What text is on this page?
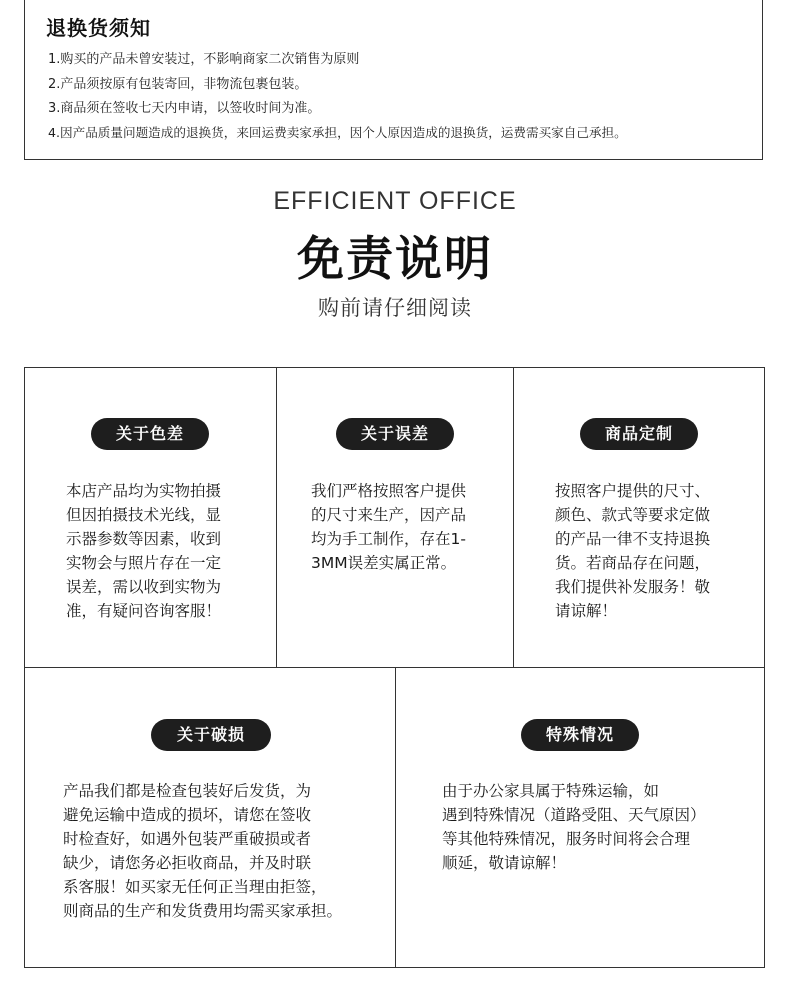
退换货须知
1.购买的产品未曾安装过，不影响商家二次销售为原则
2.产品须按原有包装寄回，非物流包裹包装。
3.商品须在签收七天内申请，以签收时间为准。
4.因产品质量问题造成的退换货，来回运费卖家承担，因个人原因造成的退换货，运费需买家自己承担。
EFFICIENT OFFICE
免责说明
购前请仔细阅读
关于色差
本店产品均为实物拍摄
但因拍摄技术光线，显
示器参数等因素，收到
实物会与照片存在一定
误差，需以收到实物为
准，有疑问咨询客服！
关于误差
我们严格按照客户提供
的尺寸来生产，因产品
均为手工制作，存在1-
3MM误差实属正常。
商品定制
按照客户提供的尺寸、
颜色、款式等要求定做
的产品一律不支持退换
货。若商品存在问题，
我们提供补发服务！敬
请谅解！
关于破损
产品我们都是检查包装好后发货，为
避免运输中造成的损坏，请您在签收
时检查好，如遇外包装严重破损或者
缺少，请您务必拒收商品，并及时联
系客服！如买家无任何正当理由拒签，
则商品的生产和发货费用均需买家承担。
特殊情况
由于办公家具属于特殊运输，如
遇到特殊情况（道路受阻、天气原因）
等其他特殊情况，服务时间将会合理
顺延，敬请谅解！
